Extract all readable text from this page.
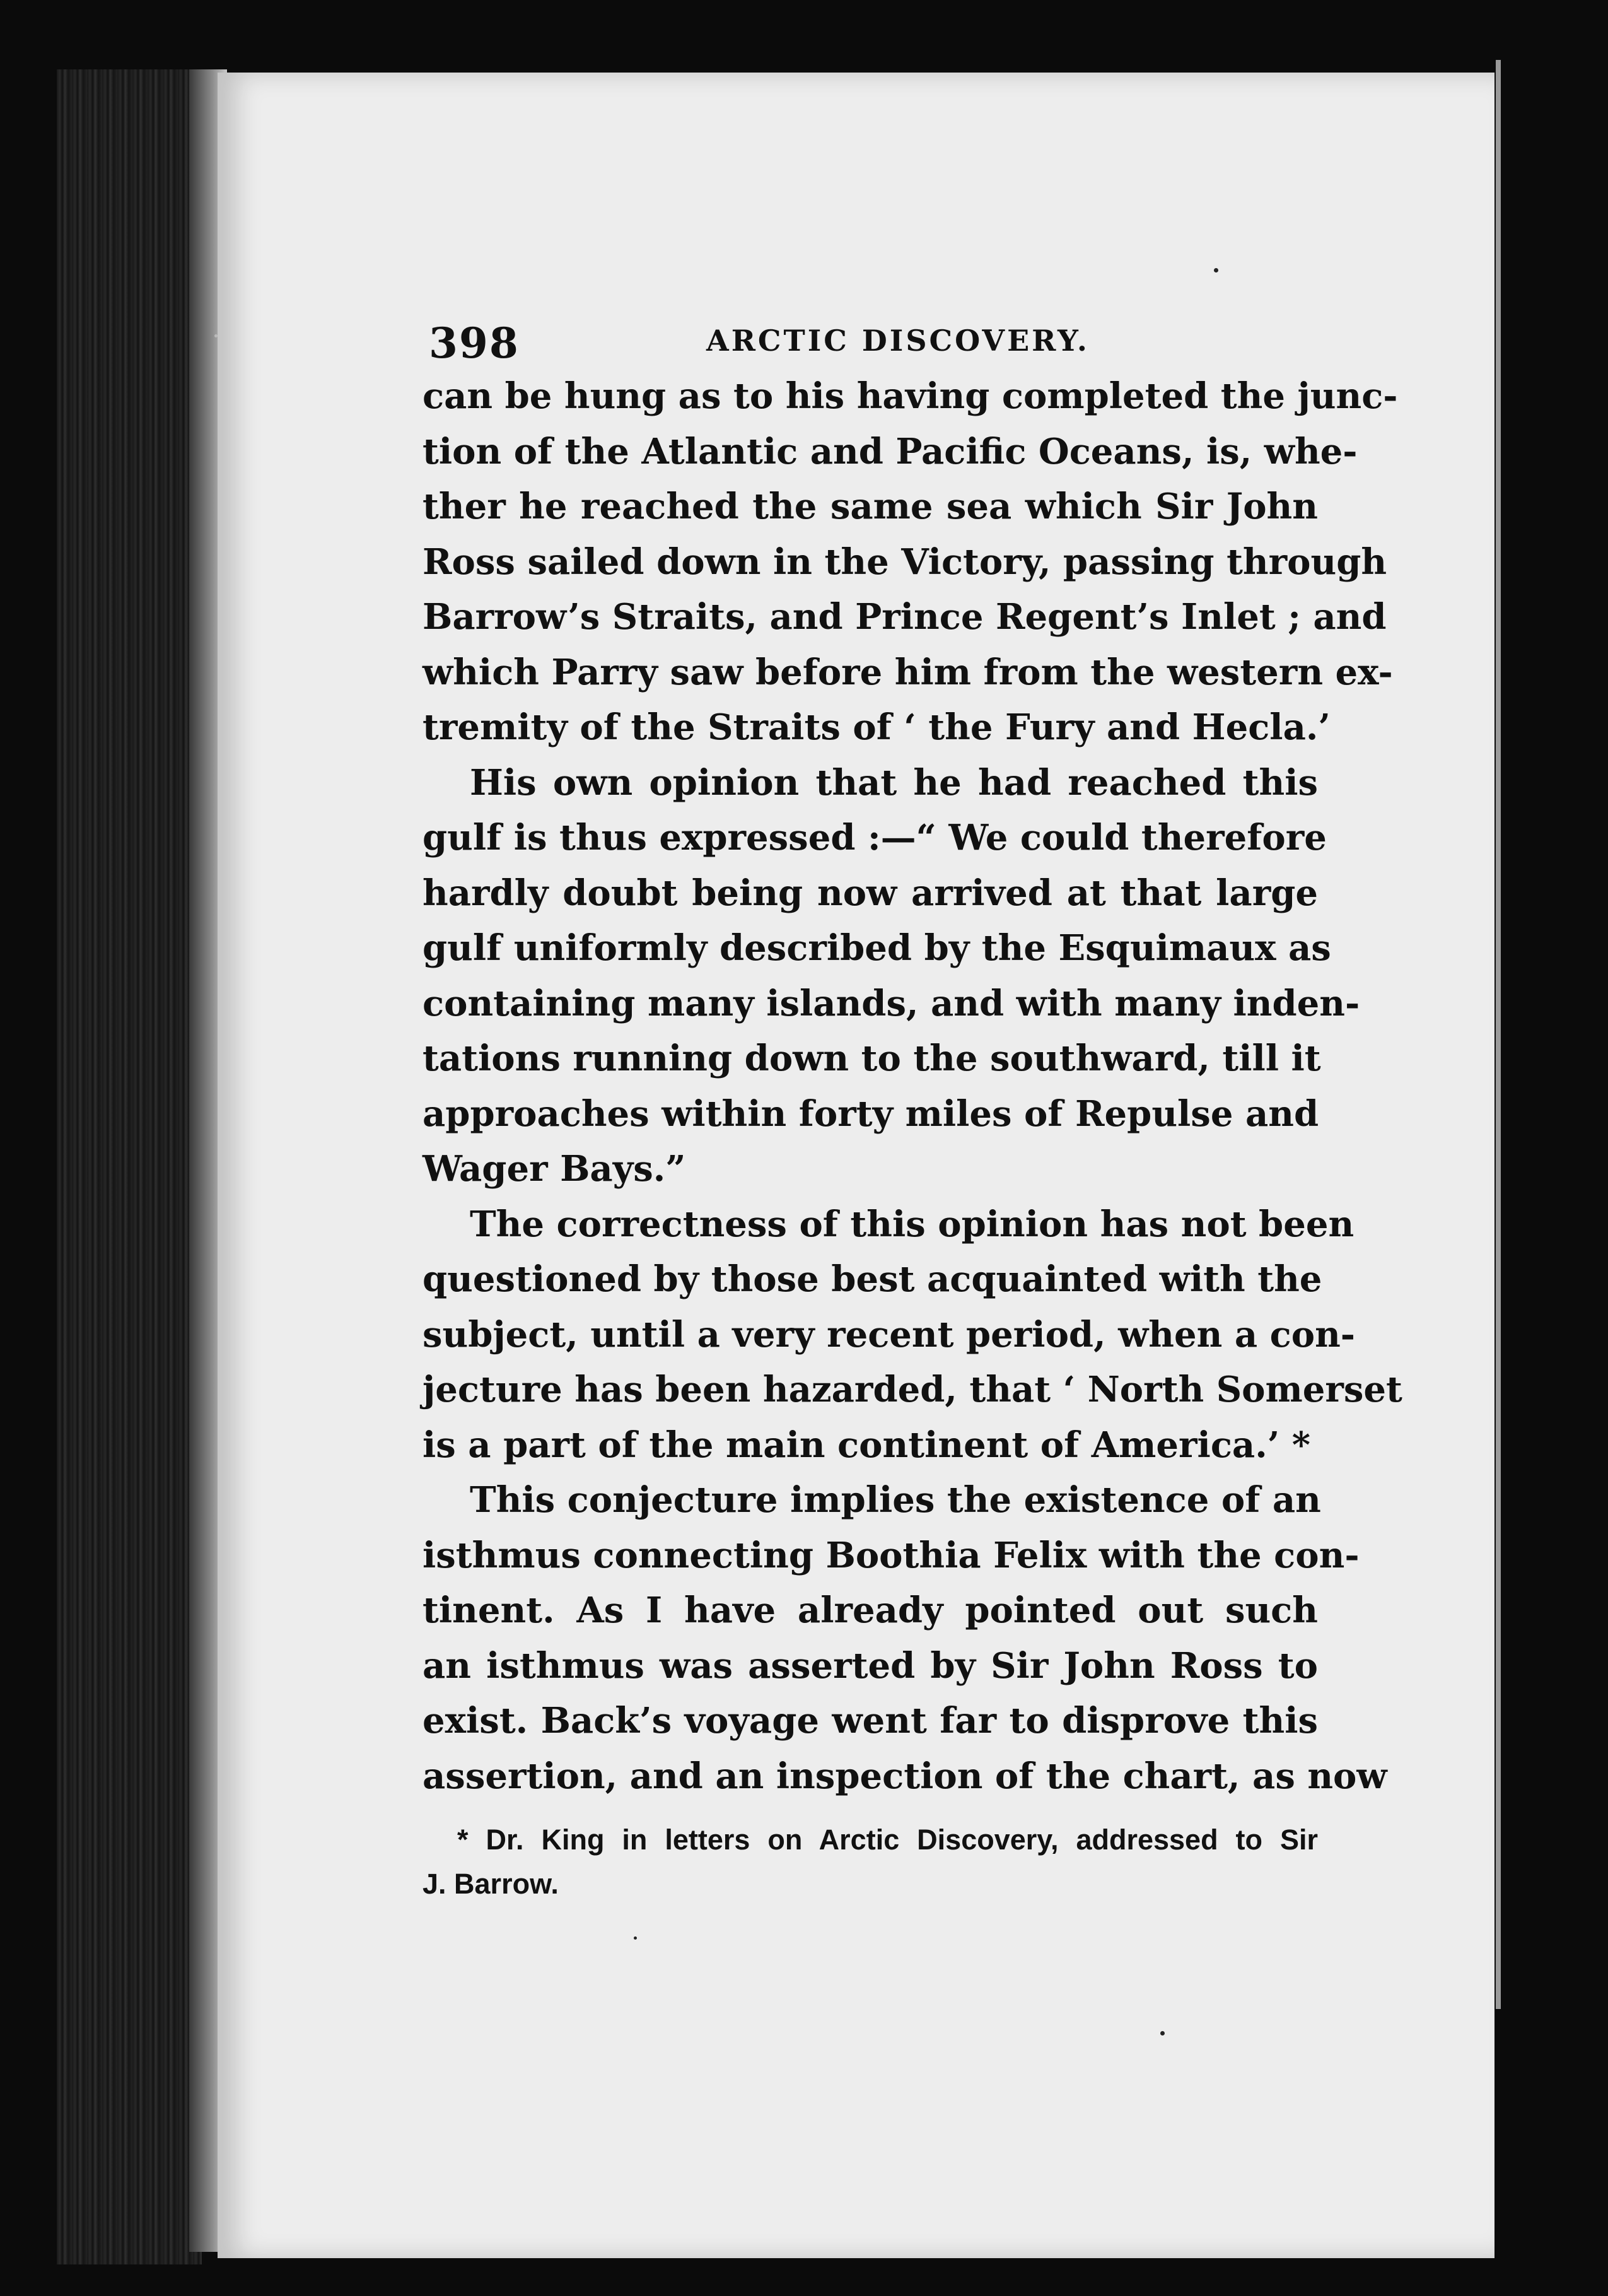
398	ARCTIC DISCOVERY.
can be hung as to his having completed the junc-
tion of the Atlantic and Pacific Oceans, is, whe-
ther he reached the same sea which Sir John
Ross sailed down in the Victory, passing through
Barrow’s Straits, and Prince Regent’s Inlet ; and
which Parry saw before him from the western ex-
tremity of the Straits of ‘ the Fury and Hecla.’
His own opinion that he had reached this
gulf is thus expressed :—“ We could therefore
hardly doubt being now arrived at that large
gulf uniformly described by the Esquimaux as
containing many islands, and with many inden-
tations running down to the southward, till it
approaches within forty miles of Repulse and
Wager Bays.”
The correctness of this opinion has not been
questioned by those best acquainted with the
subject, until a very recent period, when a con-
jecture has been hazarded, that ‘ North Somerset
is a part of the main continent of America.’ *
This conjecture implies the existence of an
isthmus connecting Boothia Felix with the con-
tinent. As I have already pointed out such
an isthmus was asserted by Sir John Ross to
exist. Back’s voyage went far to disprove this
assertion, and an inspection of the chart, as now
* Dr. King in letters on Arctic Discovery, addressed to Sir
J. Barrow.
